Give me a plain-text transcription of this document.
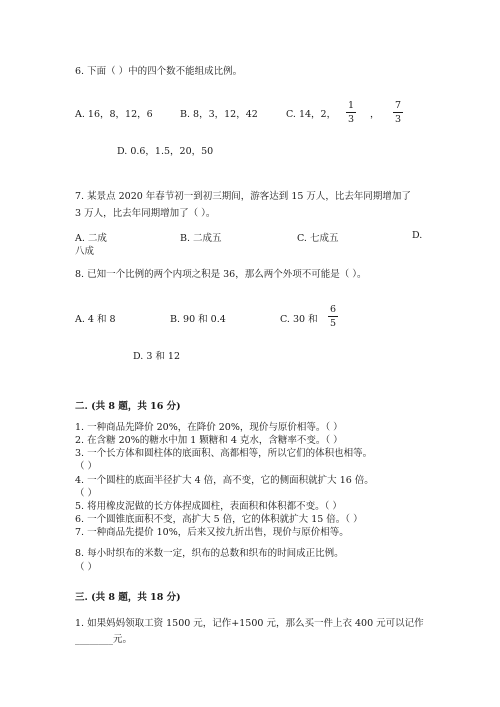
6. 下面（ ）中的四个数不能组成比例。
A. 16，8，12，6	B. 8，3，12，42	C. 14，2，
1
3 ，
7
3
D. 0.6，1.5，20，50
7. 某景点 2020 年春节初一到初三期间，游客达到 15 万人，比去年同期增加了
3 万人，比去年同期增加了（ ）。
A. 二成	B. 二成五	C. 七成五	D.
八成
8. 已知一个比例的两个内项之积是 36，那么两个外项不可能是（ ）。
A. 4 和 8	B. 90 和 0.4	C. 30 和
6
5
D. 3 和 12
二. (共 8 题，共 16 分)
1. 一种商品先降价 20%，在降价 20%，现价与原价相等。（ ）
2. 在含糖 20%的糖水中加 1 颗糖和 4 克水，含糖率不变。（ ）
3. 一个长方体和圆柱体的底面积、高都相等，所以它们的体积也相等。
（ ）
4. 一个圆柱的底面半径扩大 4 倍，高不变，它的侧面积就扩大 16 倍。
（ ）
5. 将用橡皮泥做的长方体捏成圆柱，表面积和体积都不变。（ ）
6. 一个圆锥底面积不变，高扩大 5 倍，它的体积就扩大 15 倍。（ ）
7. 一种商品先提价 10%，后来又按九折出售，现价与原价相等。
8. 每小时织布的米数一定，织布的总数和织布的时间成正比例。
（ ）
三. (共 8 题，共 18 分)
1. 如果妈妈领取工资 1500 元，记作+1500 元，那么买一件上衣 400 元可以记作
________元。
